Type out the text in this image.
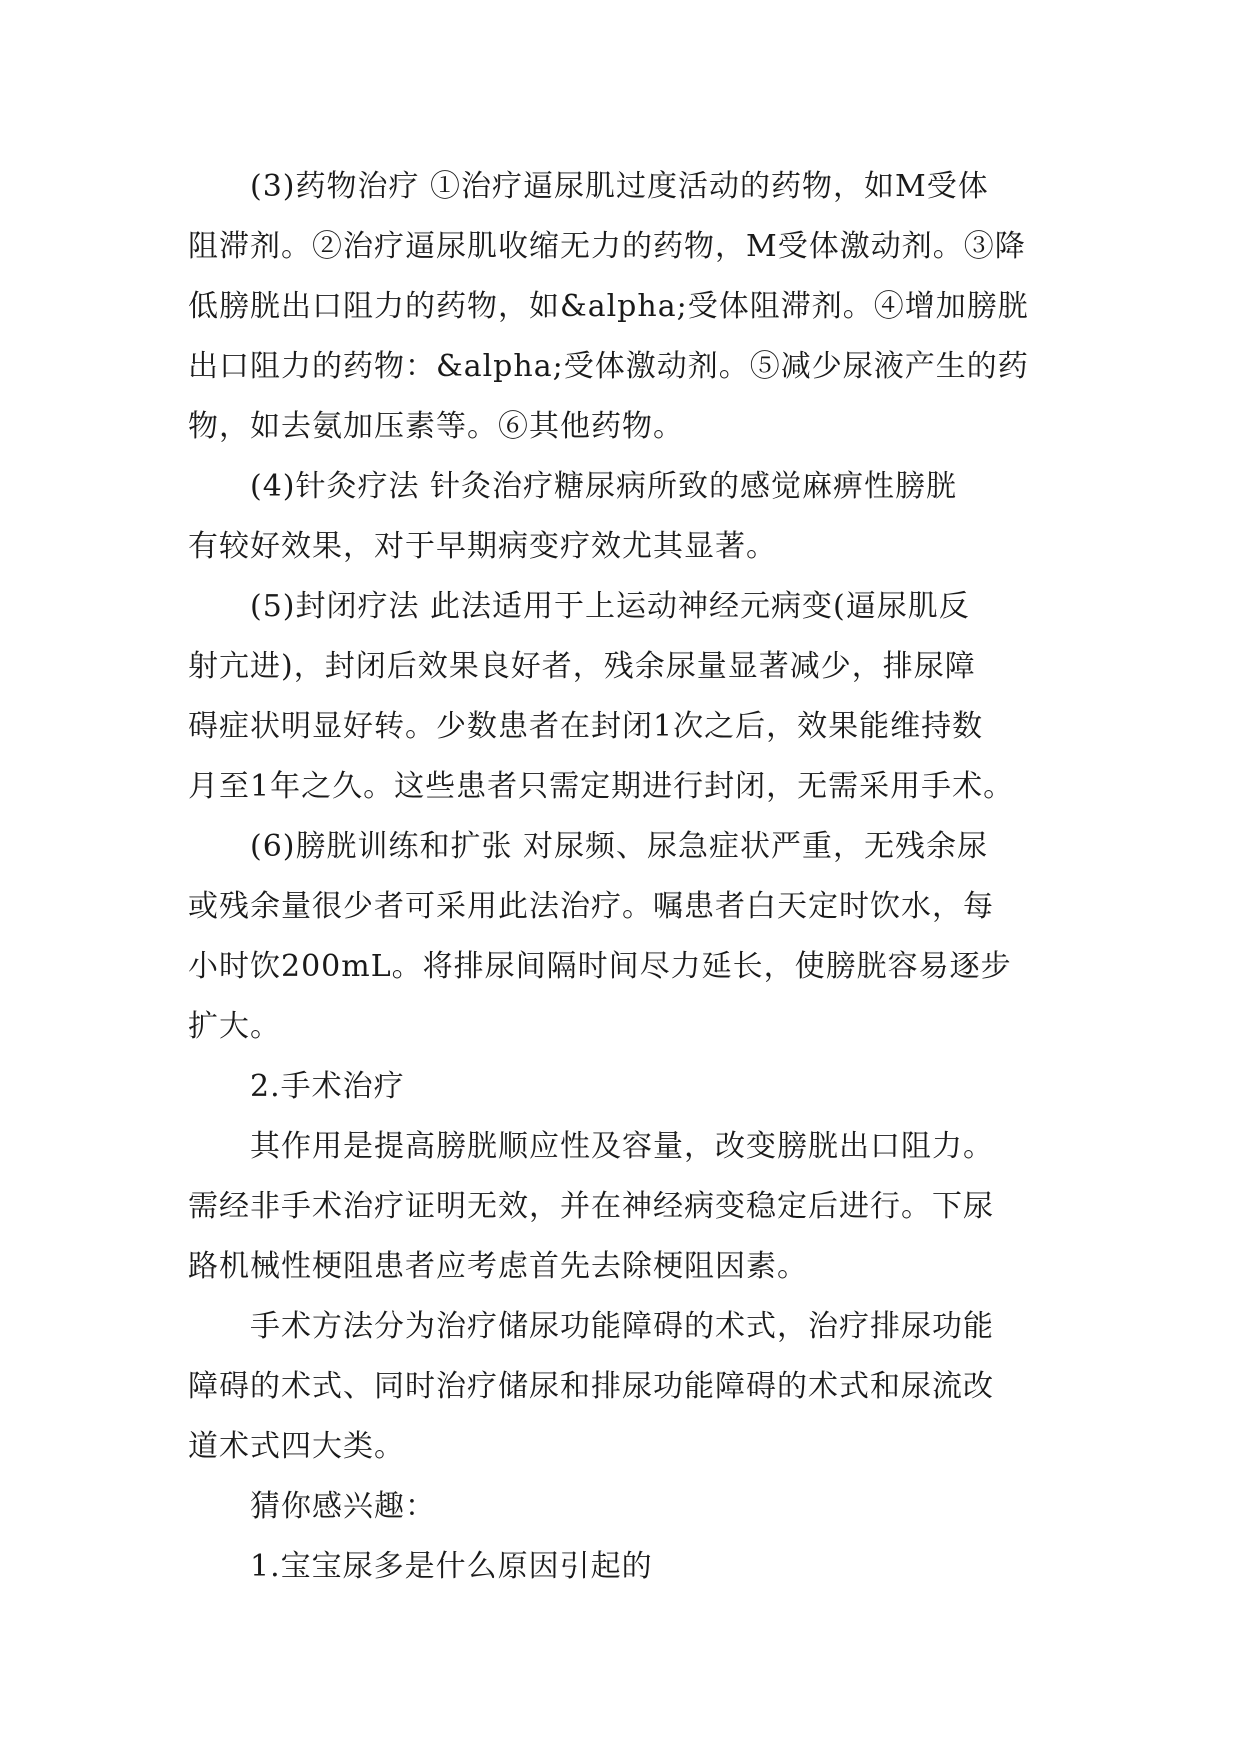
(3)药物治疗 ①治疗逼尿肌过度活动的药物，如M受体
阻滞剂。②治疗逼尿肌收缩无力的药物，M受体激动剂。③降
低膀胱出口阻力的药物，如&alpha;受体阻滞剂。④增加膀胱
出口阻力的药物：&alpha;受体激动剂。⑤减少尿液产生的药
物，如去氨加压素等。⑥其他药物。
(4)针灸疗法 针灸治疗糖尿病所致的感觉麻痹性膀胱
有较好效果，对于早期病变疗效尤其显著。
(5)封闭疗法 此法适用于上运动神经元病变(逼尿肌反
射亢进)，封闭后效果良好者，残余尿量显著减少，排尿障
碍症状明显好转。少数患者在封闭1次之后，效果能维持数
月至1年之久。这些患者只需定期进行封闭，无需采用手术。
(6)膀胱训练和扩张 对尿频、尿急症状严重，无残余尿
或残余量很少者可采用此法治疗。嘱患者白天定时饮水，每
小时饮200mL。将排尿间隔时间尽力延长，使膀胱容易逐步
扩大。
2.手术治疗
其作用是提高膀胱顺应性及容量，改变膀胱出口阻力。
需经非手术治疗证明无效，并在神经病变稳定后进行。下尿
路机械性梗阻患者应考虑首先去除梗阻因素。
手术方法分为治疗储尿功能障碍的术式，治疗排尿功能
障碍的术式、同时治疗储尿和排尿功能障碍的术式和尿流改
道术式四大类。
猜你感兴趣：
1.宝宝尿多是什么原因引起的
